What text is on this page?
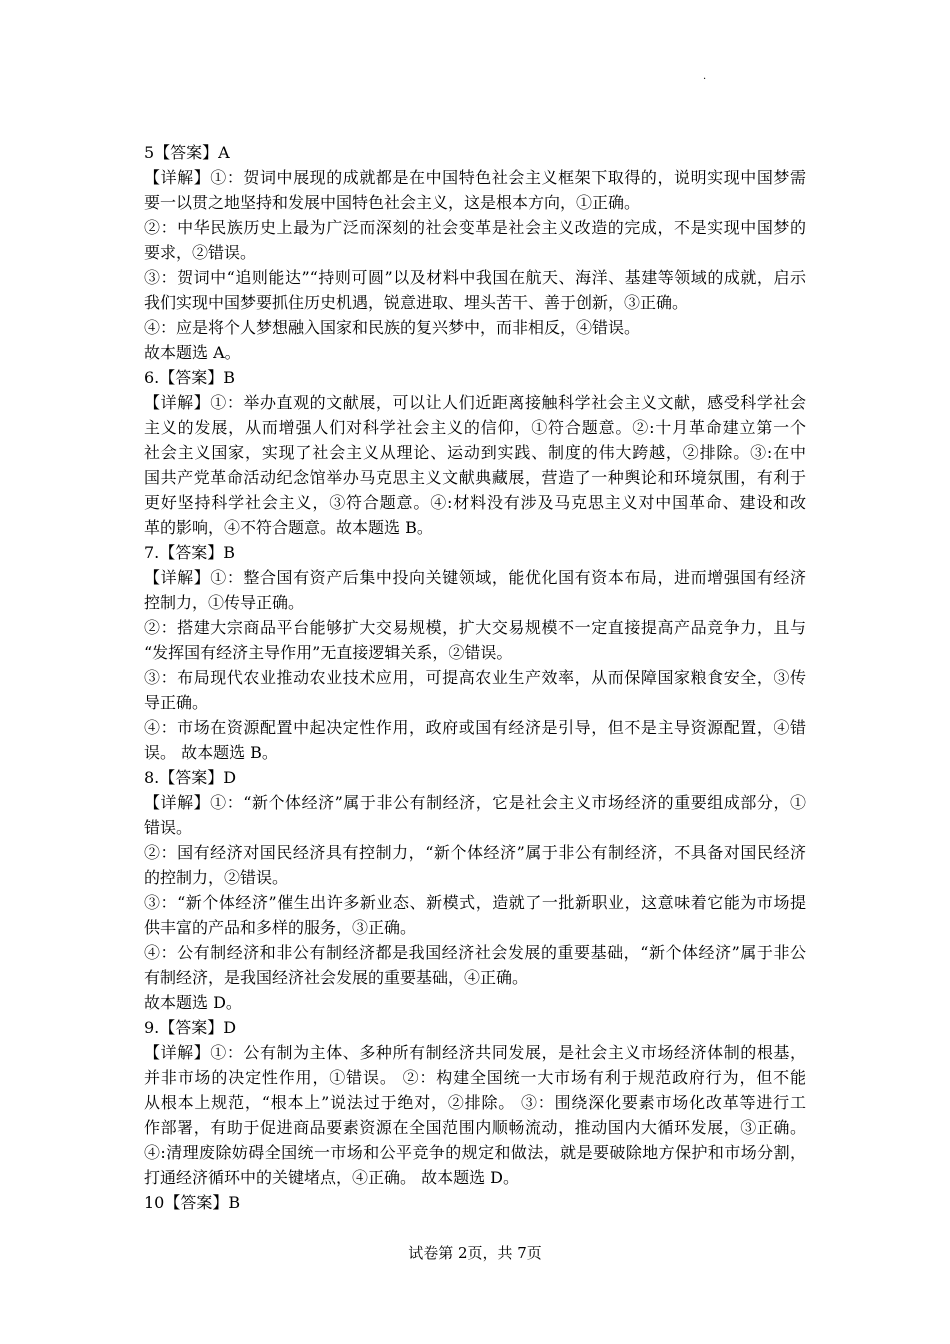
.
5【答案】A
【详解】①：贺词中展现的成就都是在中国特色社会主义框架下取得的，说明实现中国梦需
要一以贯之地坚持和发展中国特色社会主义，这是根本方向，①正确。
②：中华民族历史上最为广泛而深刻的社会变革是社会主义改造的完成，不是实现中国梦的
要求，②错误。
③：贺词中“追则能达”“持则可圆”以及材料中我国在航天、海洋、基建等领域的成就，启示
我们实现中国梦要抓住历史机遇，锐意进取、埋头苦干、善于创新，③正确。
④：应是将个人梦想融入国家和民族的复兴梦中，而非相反，④错误。
故本题选 A。
6.【答案】B
【详解】①：举办直观的文献展，可以让人们近距离接触科学社会主义文献，感受科学社会
主义的发展，从而增强人们对科学社会主义的信仰，①符合题意。②:十月革命建立第一个
社会主义国家，实现了社会主义从理论、运动到实践、制度的伟大跨越，②排除。③:在中
国共产党革命活动纪念馆举办马克思主义文献典藏展，营造了一种舆论和环境氛围，有利于
更好坚持科学社会主义，③符合题意。④:材料没有涉及马克思主义对中国革命、建设和改
革的影响，④不符合题意。故本题选 B。
7.【答案】B
【详解】①：整合国有资产后集中投向关键领域，能优化国有资本布局，进而增强国有经济
控制力，①传导正确。
②：搭建大宗商品平台能够扩大交易规模，扩大交易规模不一定直接提高产品竞争力，且与
“发挥国有经济主导作用”无直接逻辑关系，②错误。
③：布局现代农业推动农业技术应用，可提高农业生产效率，从而保障国家粮食安全，③传
导正确。
④：市场在资源配置中起决定性作用，政府或国有经济是引导，但不是主导资源配置，④错
误。 故本题选 B。
8.【答案】D
【详解】①：“新个体经济”属于非公有制经济，它是社会主义市场经济的重要组成部分，①
错误。
②：国有经济对国民经济具有控制力，“新个体经济”属于非公有制经济，不具备对国民经济
的控制力，②错误。
③：“新个体经济”催生出许多新业态、新模式，造就了一批新职业，这意味着它能为市场提
供丰富的产品和多样的服务，③正确。
④：公有制经济和非公有制经济都是我国经济社会发展的重要基础，“新个体经济”属于非公
有制经济，是我国经济社会发展的重要基础，④正确。
故本题选 D。
9.【答案】D
【详解】①：公有制为主体、多种所有制经济共同发展，是社会主义市场经济体制的根基，
并非市场的决定性作用，①错误。 ②：构建全国统一大市场有利于规范政府行为，但不能
从根本上规范，“根本上”说法过于绝对，②排除。 ③：围绕深化要素市场化改革等进行工
作部署，有助于促进商品要素资源在全国范围内顺畅流动，推动国内大循环发展，③正确。
④:清理废除妨碍全国统一市场和公平竞争的规定和做法，就是要破除地方保护和市场分割，
打通经济循环中的关键堵点，④正确。 故本题选 D。
10【答案】B
试卷第 2页，共 7页
